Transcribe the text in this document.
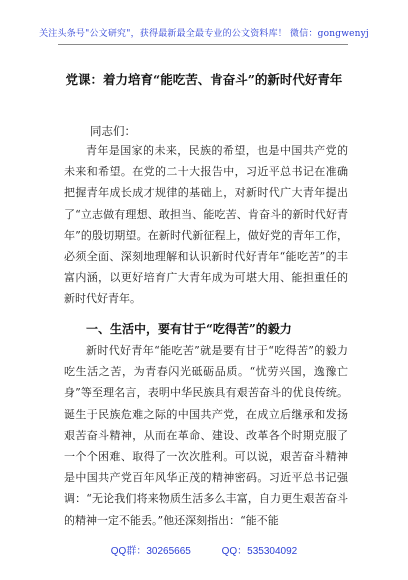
关注头条号"公文研究"，获得最新最全最专业的公文资料库！ 微信：gongwenyj
党课：着力培育“能吃苦、肯奋斗”的新时代好青年
同志们：
青年是国家的未来，民族的希望，也是中国共产党的未来和希望。在党的二十大报告中，习近平总书记在准确把握青年成长成才规律的基础上，对新时代广大青年提出了“立志做有理想、敢担当、能吃苦、肯奋斗的新时代好青年”的殷切期望。在新时代新征程上，做好党的青年工作，必须全面、深刻地理解和认识新时代好青年“能吃苦”的丰富内涵，以更好培育广大青年成为可堪大用、能担重任的新时代好青年。
一、生活中，要有甘于“吃得苦”的毅力
新时代好青年“能吃苦”就是要有甘于“吃得苦”的毅力吃生活之苦，为青春闪光砥砺品质。“忧劳兴国，逸豫亡身”等至理名言，表明中华民族具有艰苦奋斗的优良传统。诞生于民族危难之际的中国共产党，在成立后继承和发扬艰苦奋斗精神，从而在革命、建设、改革各个时期克服了一个个困难、取得了一次次胜利。可以说，艰苦奋斗精神是中国共产党百年风华正茂的精神密码。习近平总书记强调：“无论我们将来物质生活多么丰富，自力更生艰苦奋斗的精神一定不能丢。”他还深刻指出：“能不能
QQ群：30265665	QQ：535304092
